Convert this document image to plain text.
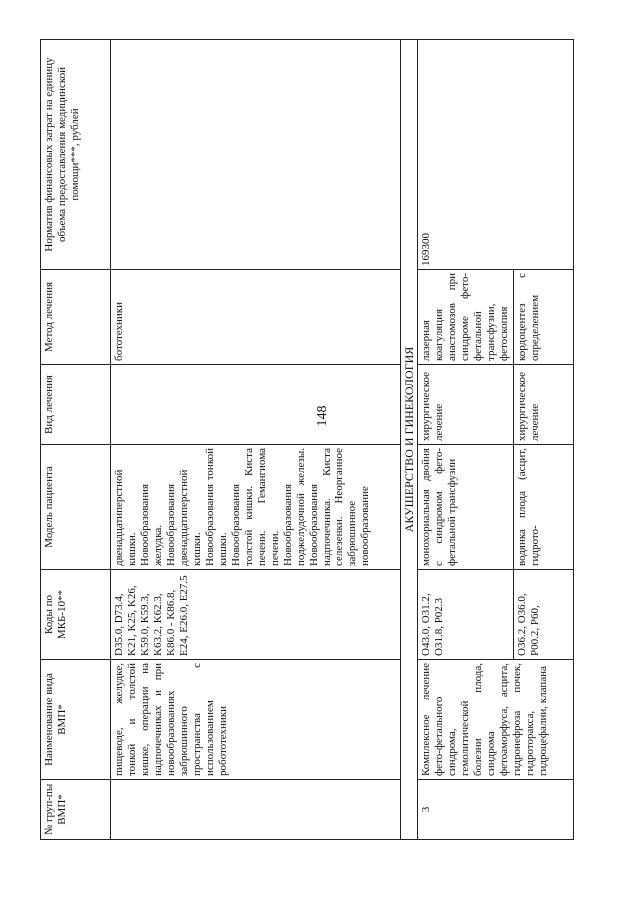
148
№ груп-пы ВМП*	Наименование вида ВМП*	Коды по МКБ-10**	Модель пациента	Вид лечения	Метод лечения	Норматив финансовых затрат на единицу объема предоставления медицинской помощи***, рублей
	пищеводе, желудке, тонкой и толстой кишке, операции на надпочечниках и при новообразованиях забрюшинного пространства с использованием робототехники	D35.0, D73.4, K21, K25, K26, K59.0, K59.3, K63.2, K62.3, K86.0 - K86.8, E24, E26.0, E27.5	двенадцатиперстной кишки. Новообразования желудка. Новообразования двенадцатиперстной кишки. Новообразования тонкой кишки. Новообразования толстой кишки. Киста печени. Гемангиома печени. Новообразования поджелудочной железы. Новообразования надпочечника. Киста селезенки. Неорганное забрюшинное новообразование		бототехники	
АКУШЕРСТВО И ГИНЕКОЛОГИЯ						
3	Комплексное лечение фето-фетального синдрома, гемолитической болезни плода, синдрома фетоаморфуса, асцита, гидронефроза почек, гидроторакса, гидроцефалии, клапана	O43.0, O31.2, O31.8, P02.3	монохориальная двойня с синдромом фето-фетальной трансфузии	хирургическое лечение	лазерная коагуляция анастомозов при синдроме фето-фетальной трансфузии, фетоскопия	169300
		O36.2, O36.0, P00.2, P60,	водянка плода (асцит, гидрото-	хирургическое лечение	кордоцентез с определением	
